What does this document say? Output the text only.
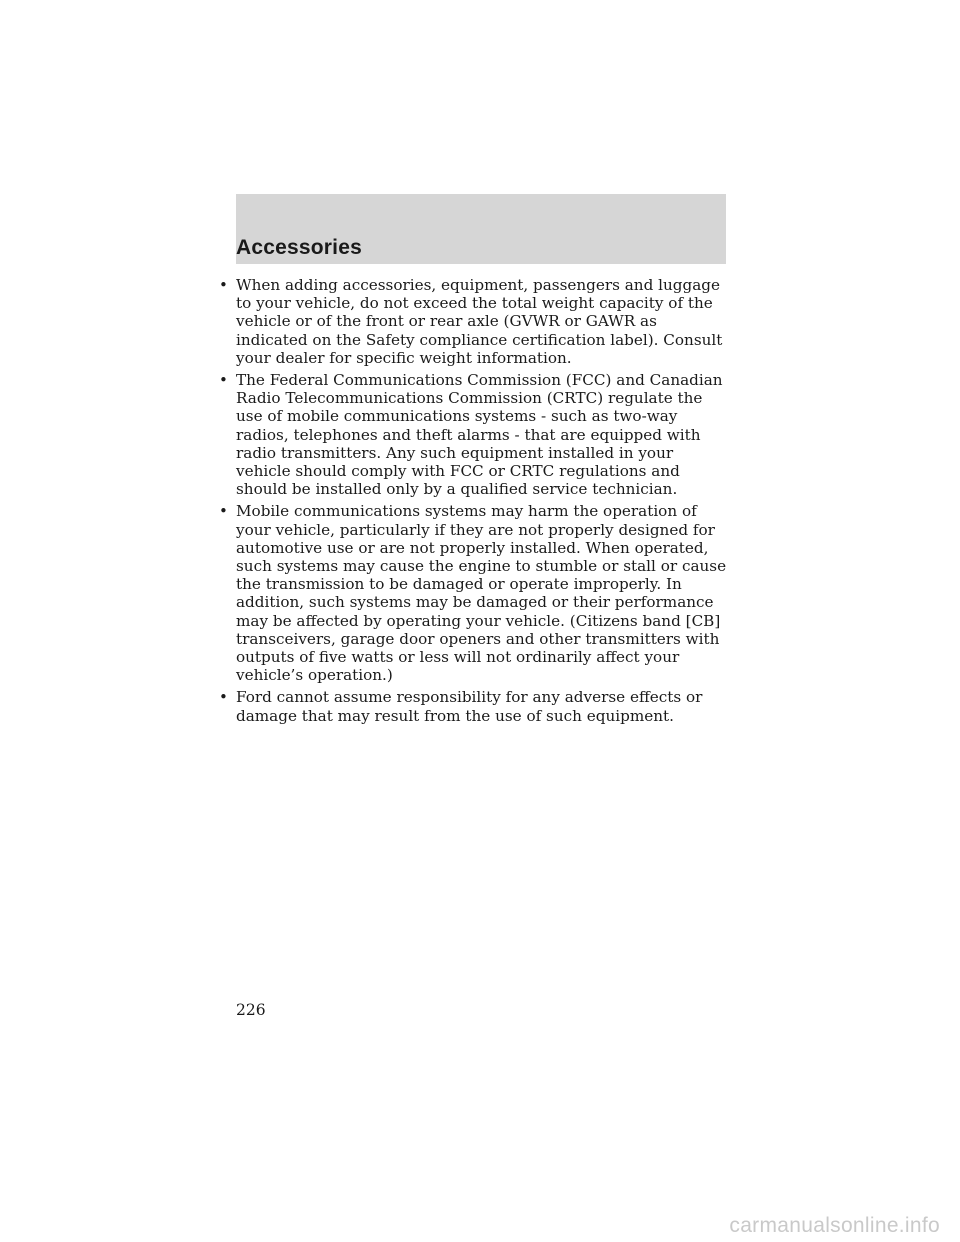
Accessories
• When adding accessories, equipment, passengers and luggage to your vehicle, do not exceed the total weight capacity of the vehicle or of the front or rear axle (GVWR or GAWR as indicated on the Safety compliance certification label). Consult your dealer for specific weight information.
• The Federal Communications Commission (FCC) and Canadian Radio Telecommunications Commission (CRTC) regulate the use of mobile communications systems - such as two-way radios, telephones and theft alarms - that are equipped with radio transmitters. Any such equipment installed in your vehicle should comply with FCC or CRTC regulations and should be installed only by a qualified service technician.
• Mobile communications systems may harm the operation of your vehicle, particularly if they are not properly designed for automotive use or are not properly installed. When operated, such systems may cause the engine to stumble or stall or cause the transmission to be damaged or operate improperly. In addition, such systems may be damaged or their performance may be affected by operating your vehicle. (Citizens band [CB] transceivers, garage door openers and other transmitters with outputs of five watts or less will not ordinarily affect your vehicle’s operation.)
• Ford cannot assume responsibility for any adverse effects or damage that may result from the use of such equipment.

226

carmanualsonline.info
